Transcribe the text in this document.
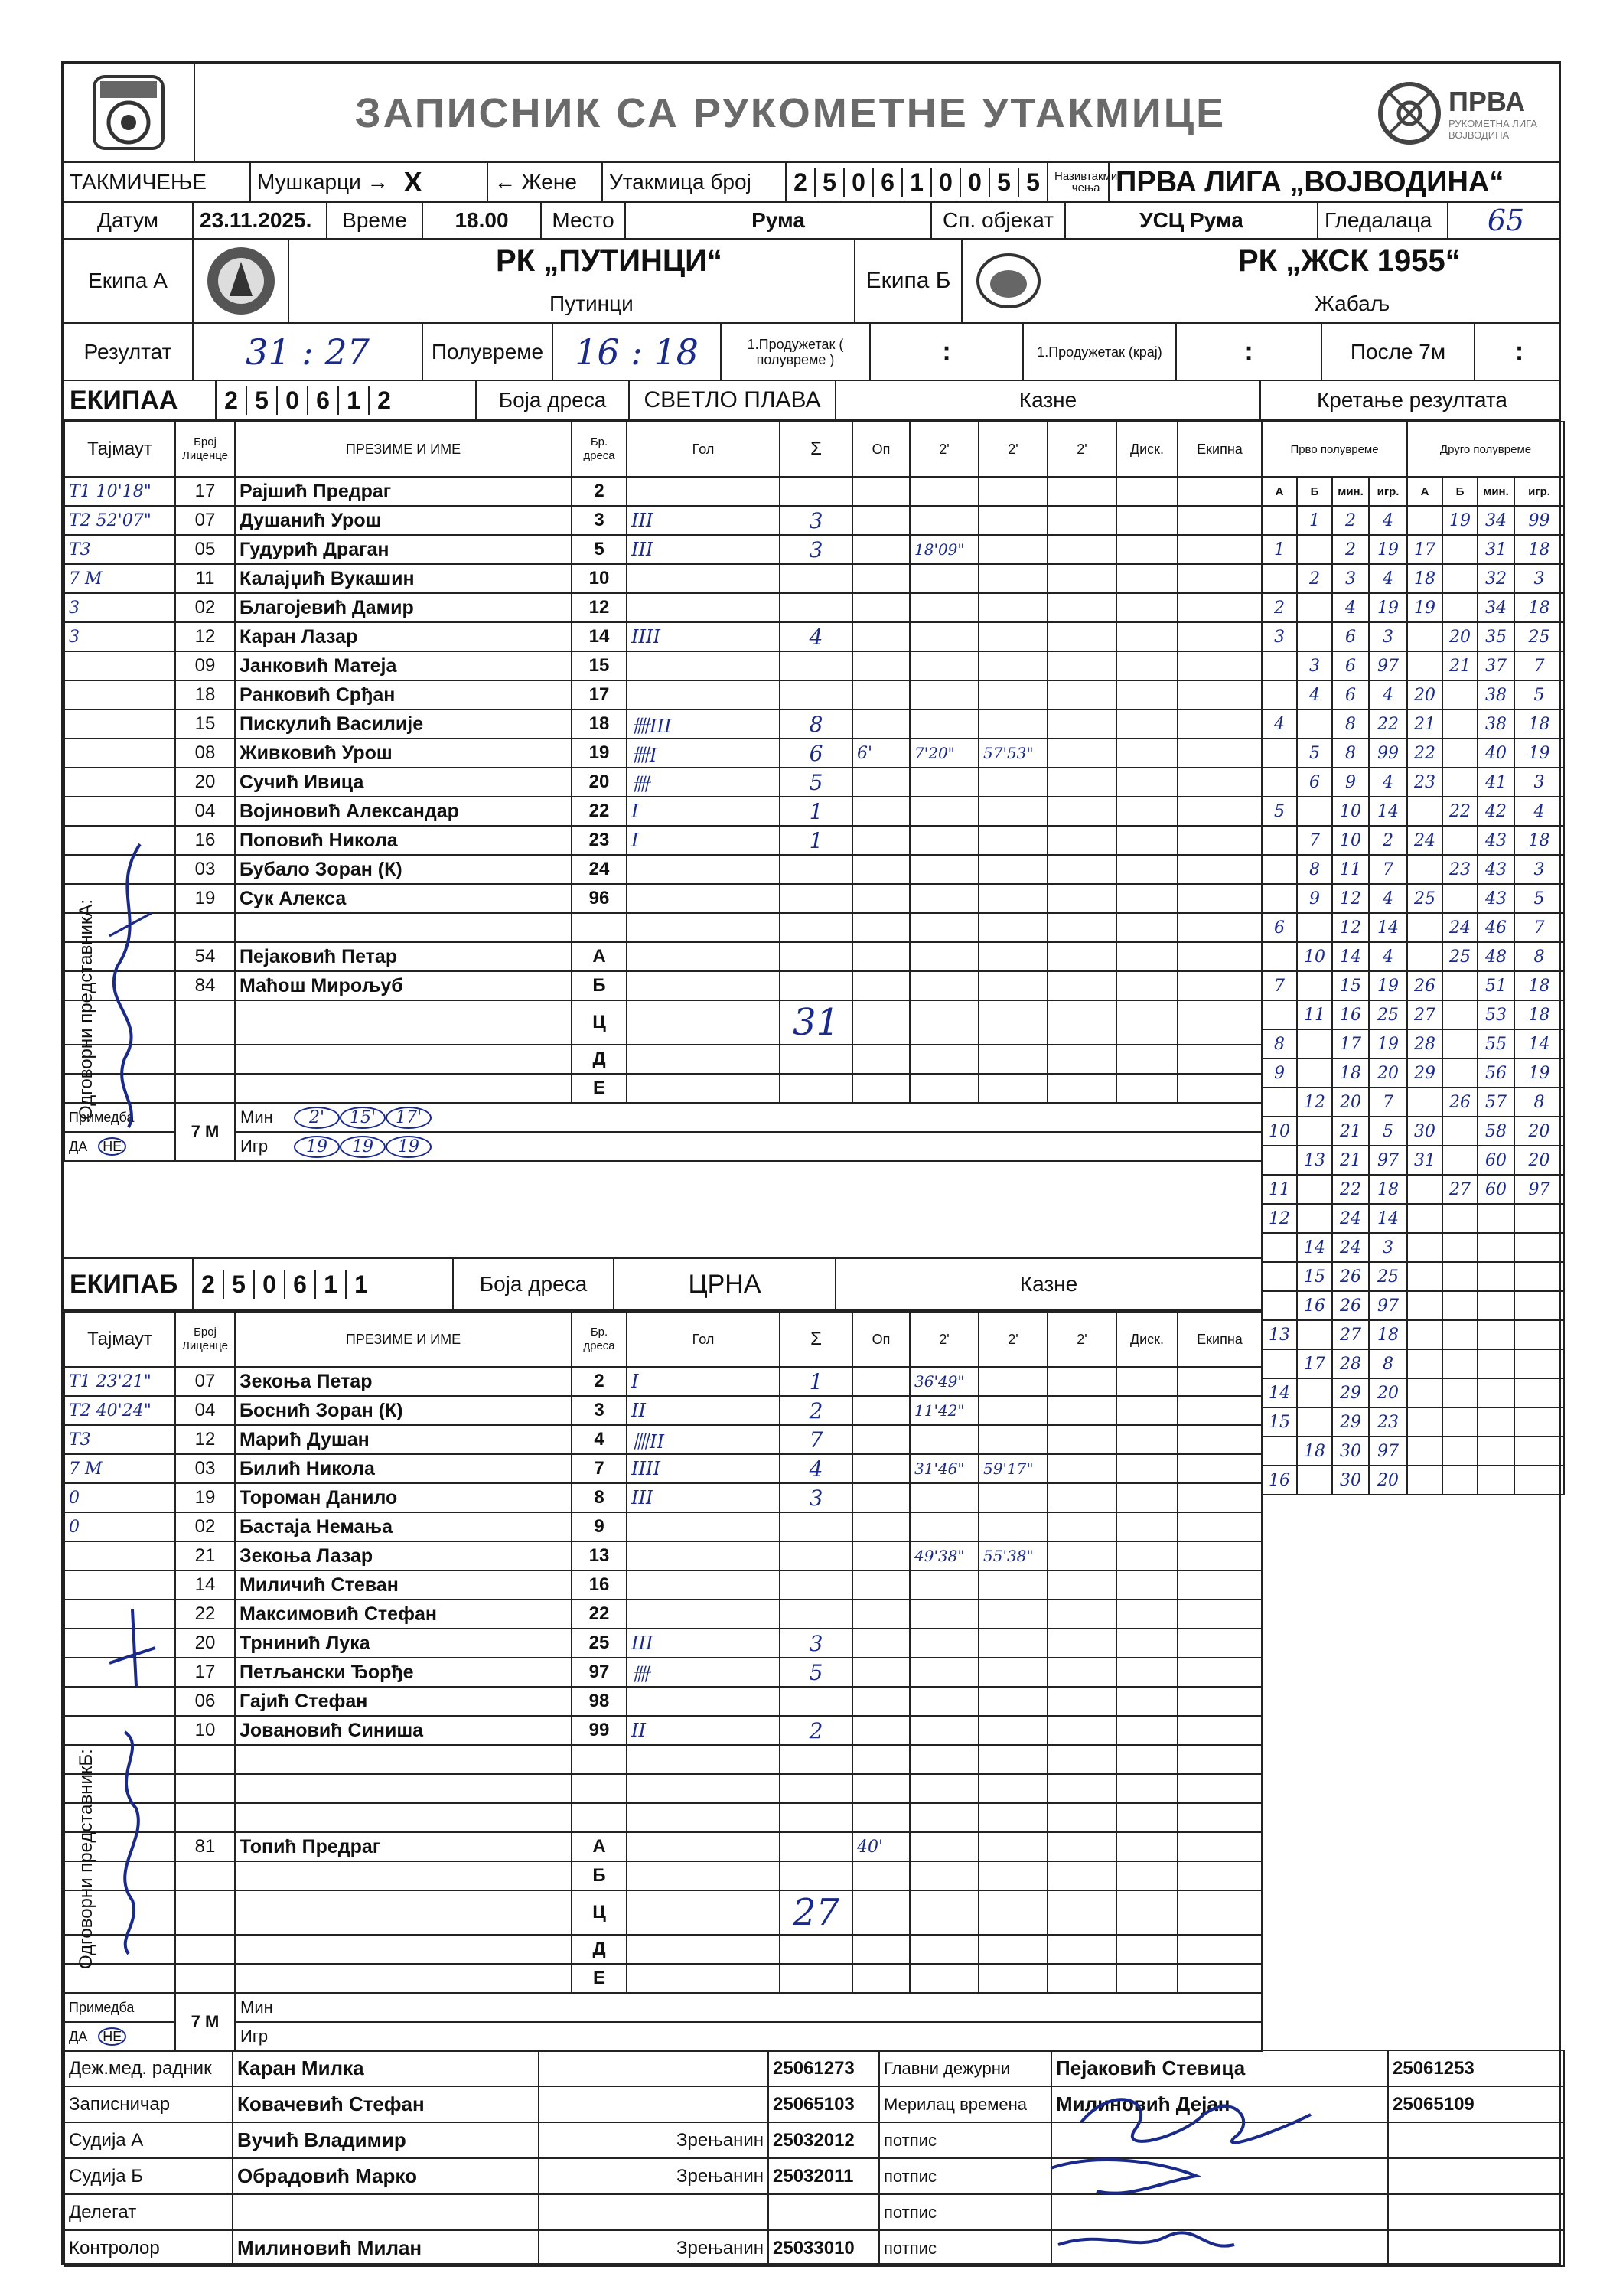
ЗАПИСНИК СА РУКОМЕТНЕ УТАКМИЦЕ	ПРВА
РУКОМЕТНА ЛИГА
ВОЈВОДИНА
ТАКМИЧЕЊЕ	Мушкарци → X	← Жене	Утакмица број	2 5 0 6 1 0 0 5 5	Називтакми чења ПРВА ЛИГА „ВОЈВОДИНА“
Датум	23.11.2025.	Време	18.00	Место	Рума	Сп. објекат	УСЦ Рума	Гледалаца	65
Екипа А
РК „ПУТИНЦИ“
Путинци
Екипа Б
РК „ЖСК 1955“
Жабаљ
Резултат	31 : 27	Полувреме 16 : 18	1.Продужетак ( полувреме )	:	1.Продужетак (крај)	:	После 7м	:
ЕКИПАА	2 5 0 6 1 2	Боја дреса	СВЕТЛО ПЛАВА	Казне	Кретање резултата
Тајмаут	Број Лиценце	ПРЕЗИМЕ И ИМЕ	Бр. дреса	Гол	Σ	Оп	2'	2'	2'	Диск.	Екипна
T1 10'18"	17	Рајшић Предраг	2								
T2 52'07"	07	Душанић Урош	3	III	3						
T3	05	Гудурић Драган	5	III	3		18'09"				
7 M	11	Калајџић Вукашин	10								
3	02	Благојевић Дамир	12								
3	12	Каран Лазар	14	IIII	4						
	09	Јанковић Матеја	15								
	18	Ранковић Срђан	17								
	15	Пискулић Василије	18	卌III	8						
	08	Живковић Урош	19	卌I	6	6'	7'20"	57'53"			
	20	Сучић Ивица	20	卌	5						
	04	Војиновић Александар	22	I	1						
	16	Поповић Никола	23	I	1						
	03	Бубало Зоран (К)	24								
	19	Сук Алекса	96								

	54	Пејаковић Петар	А								
	84	Маћош Мирољуб	Б								
			Ц		31						
			Д								
			Е								
Примедба	7 M	Мин 2' 15' 17'									
ДА НЕ		Игр 19 19 19									
Прво полувреме				Друго полувреме			
А	Б	мин.	игр.	А	Б	мин.	игр.
	1	2	4		19	34	99
1		2	19	17		31	18
	2	3	4	18		32	3
2		4	19	19		34	18
3		6	3		20	35	25
	3	6	97		21	37	7
	4	6	4	20		38	5
4		8	22	21		38	18
	5	8	99	22		40	19
	6	9	4	23		41	3
5		10	14		22	42	4
	7	10	2	24		43	18
	8	11	7		23	43	3
	9	12	4	25		43	5
6		12	14		24	46	7
	10	14	4		25	48	8
7		15	19	26		51	18
	11	16	25	27		53	18
8		17	19	28		55	14
9		18	20	29		56	19
	12	20	7		26	57	8
10		21	5	30		58	20
	13	21	97	31		60	20
11		22	18		27	60	97
12		24	14				
	14	24	3				
	15	26	25				
	16	26	97				
13		27	18				
	17	28	8				
14		29	20				
15		29	23				
	18	30	97				
16		30	20				
Одговорни представникА:
ЕКИПАБ 2 5 0 6 1 1	Боја дреса	ЦРНА	Казне
Тајмаут	Број Лиценце	ПРЕЗИМЕ И ИМЕ	Бр. дреса	Гол	Σ	Оп	2'	2'	2'	Диск.	Екипна
T1 23'21"	07	Зекоња Петар	2	I	1		36'49"				
T2 40'24"	04	Боснић Зоран (К)	3	II	2		11'42"				
T3	12	Марић Душан	4	卌II	7						
7 M	03	Билић Никола	7	IIII	4		31'46"	59'17"			
0	19	Тороман Данило	8	III	3						
0	02	Бастаја Немања	9								
	21	Зекоња Лазар	13				49'38"	55'38"			
	14	Миличић Стеван	16								
	22	Максимовић Стефан	22								
	20	Трнинић Лука	25	III	3						
	17	Петљански Ђорђе	97	卌	5						
	06	Гајић Стефан	98								
	10	Јовановић Синиша	99	II	2						

	81	Топић Предраг	А			40'					
			Б								
			Ц		27						
			Д								
			Е								
Примедба	7 M	Мин									
ДА НЕ		Игр									
Одговорни представникБ:
Деж.мед. радник	Каран Милка		25061273	Главни дежурни	Пејаковић Стевица	25061253
Записничар	Ковачевић Стефан		25065103	Мерилац времена	Милиновић Дејан	25065109
Судија А	Вучић Владимир	Зрењанин	25032012	потпис		
Судија Б	Обрадовић Марко	Зрењанин	25032011	потпис		
Делегат				потпис		
Контролор	Милиновић Милан	Зрењанин	25033010	потпис		
